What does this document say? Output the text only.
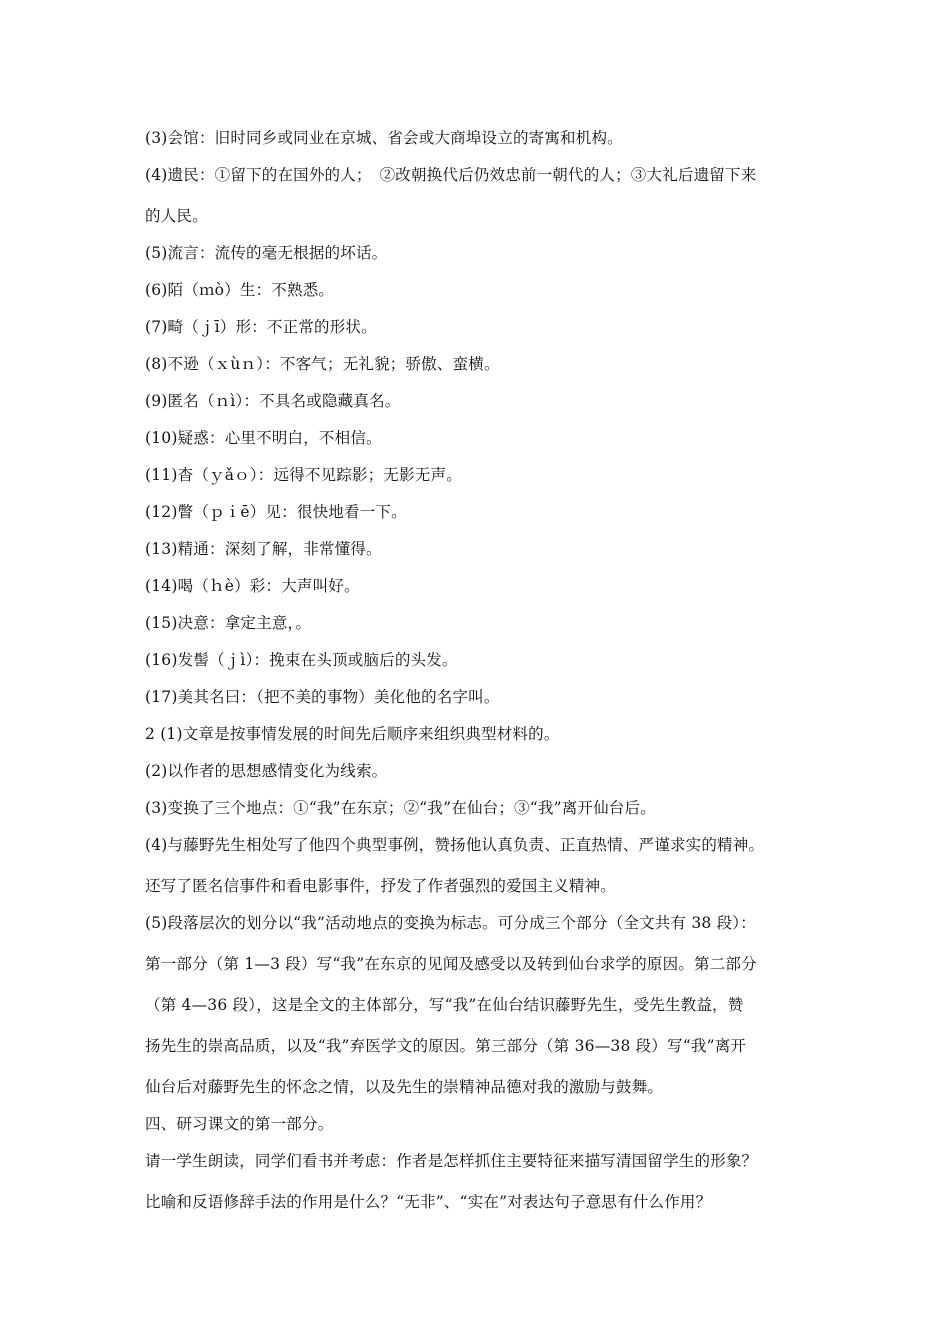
(3)会馆：旧时同乡或同业在京城、省会或大商埠设立的寄寓和机构。
(4)遗民：①留下的在国外的人；　②改朝换代后仍效忠前一朝代的人；③大礼后遗留下来
的人民。
(5)流言：流传的毫无根据的坏话。
(6)陌（ｍò）生：不熟悉。
(7)畸（ｊī）形：不正常的形状。
(8)不逊（ｘùｎ）：不客气；无礼貌；骄傲、蛮横。
(9)匿名（ｎì）：不具名或隐藏真名。
(10)疑惑：心里不明白，不相信。
(11)杳（ｙǎｏ）：远得不见踪影；无影无声。
(12)瞥（ｐｉē）见：很快地看一下。
(13)精通：深刻了解，非常懂得。
(14)喝（ｈè）彩：大声叫好。
(15)决意：拿定主意，。
(16)发髻（ｊì）：挽束在头顶或脑后的头发。
(17)美其名曰：（把不美的事物）美化他的名字叫。
2 (1)文章是按事情发展的时间先后顺序来组织典型材料的。
(2)以作者的思想感情变化为线索。
(3)变换了三个地点：①“我”在东京；②“我”在仙台；③“我”离开仙台后。
(4)与藤野先生相处写了他四个典型事例，赞扬他认真负责、正直热情、严谨求实的精神。
还写了匿名信事件和看电影事件，抒发了作者强烈的爱国主义精神。
(5)段落层次的划分以“我”活动地点的变换为标志。可分成三个部分（全文共有 38 段）：
第一部分（第 1—3 段）写“我”在东京的见闻及感受以及转到仙台求学的原因。第二部分
（第 4—36 段），这是全文的主体部分，写“我”在仙台结识藤野先生，受先生教益，赞
扬先生的崇高品质，以及“我”弃医学文的原因。第三部分（第 36—38 段）写“我”离开
仙台后对藤野先生的怀念之情，以及先生的崇精神品德对我的激励与鼓舞。
四、研习课文的第一部分。
请一学生朗读，同学们看书并考虑：作者是怎样抓住主要特征来描写清国留学生的形象？
比喻和反语修辞手法的作用是什么？“无非”、“实在”对表达句子意思有什么作用？
